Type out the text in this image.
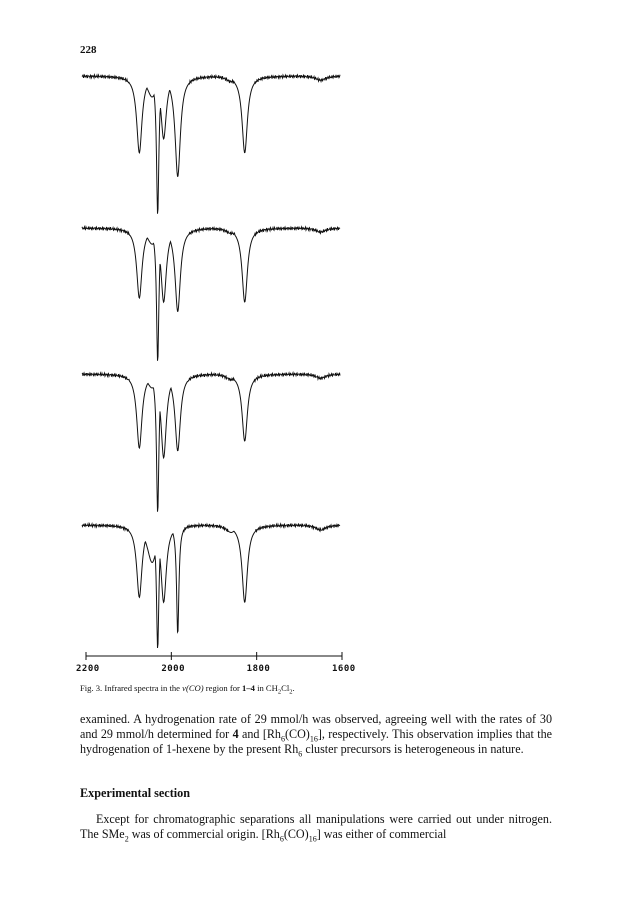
228
2200	2000	1800	1600
Fig. 3. Infrared spectra in the ν(CO) region for 1–4 in $CH_2Cl_2$.

examined. A hydrogenation rate of 29 mmol/h was observed, agreeing well with the rates of 30 and 29 mmol/h determined for 4 and $[Rh_6(CO)_{16}]$, respectively. This observation implies that the hydrogenation of 1-hexene by the present $Rh_6$ cluster precursors is heterogeneous in nature.

Experimental section

Except for chromatographic separations all manipulations were carried out under nitrogen. The SMe$_2$ was of commercial origin. $[Rh_6(CO)_{16}]$ was either of commercial
